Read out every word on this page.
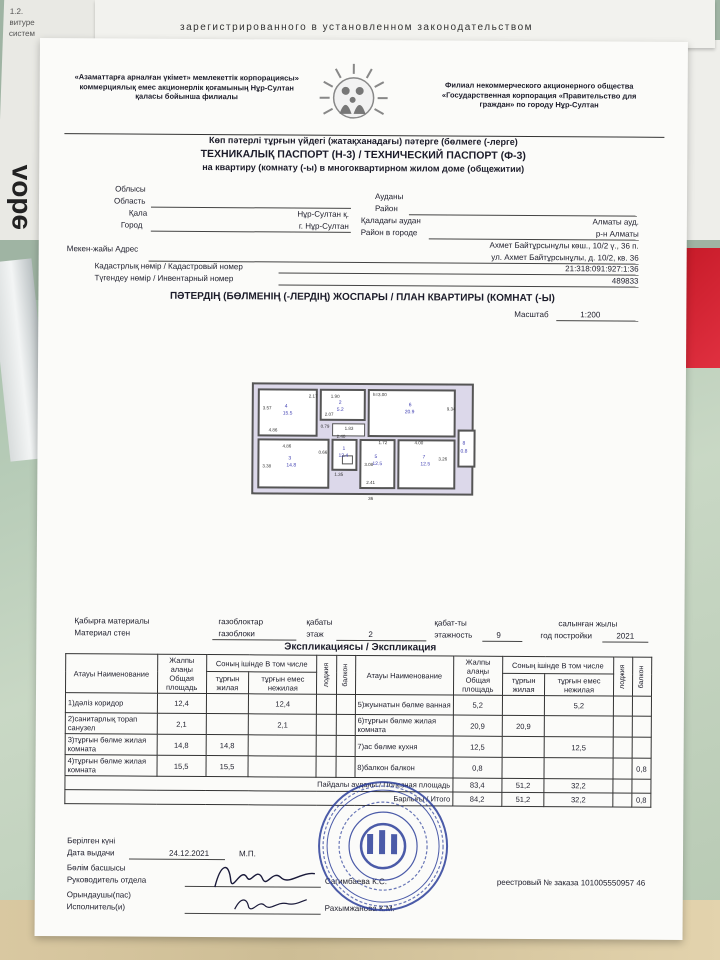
1.2.
витуре
систем
ɘdoʌ
зарегистрированного в установленном законодательством
«Азаматтарға арналған үкімет» мемлекеттік корпорациясы»
коммерциялық емес акционерлік қоғамының Нұр-Султан
қаласы бойынша филиалы
Филиал некоммерческого акционерного общества
«Государственная корпорация «Правительство для
граждан» по городу Нұр-Султан
Көп пәтерлі тұрғын үйдегі (жатақханадағы) пәтерге (бөлмеге (-лерге)
ТЕХНИКАЛЫҚ ПАСПОРТ (Н-3) / ТЕХНИЧЕСКИЙ ПАСПОРТ (Ф-3)
на квартиру (комнату (-ы) в многоквартирном жилом доме (общежитии)
Облысы
Область	Ауданы
Район
Қала	Нұр-Султан қ.
Город	г. Нұр-Султан
Қаладағы аудан	Алматы ауд.
Район в городе	р-н Алматы
Мекен-жайы Адрес	Ахмет Байтұрсынұлы көш., 10/2 ү., 36 п.
ул. Ахмет Байтұрсынұлы, д. 10/2, кв. 36
Кадастрлық нөмір / Кадастровый номер	21:318:091:927:1:36
Түгендеу нөмір / Инвентарный номер	489833
ПӘТЕРДІҢ (БӨЛМЕНІҢ (-ЛЕРДІҢ) ЖОСПАРЫ / ПЛАН КВАРТИРЫ (КОМНАТ (-Ы)
Масштаб	1:200
3.57
2.17	1.90	h=3.00
4.86
2.07
9.34
0.79	1.83
4.86
2.40
1.72	4.00
0.66
3.38
1.35
3.08
2.41
3.26
36
4
15.5
2
5.2
6
20.9
3
14.8
1
12.4	5
12.5
7
12.5
8
0.8
Қабырға материалы
Материал стен
газоблоктар
газоблоки
қабаты
этаж	2
қабат-ты
этажность	9
салынған жылы
год постройки	2021
Экспликациясы / Экспликация
Атауы Наименование	Жалпы алаңы Общая площадь	Соның ішінде В том числе		лоджия	балкон	Атауы Наименование	Жалпы алаңы Общая площадь	Соның ішінде В том числе		лоджия	балкон

		тұрғын жилая	тұрғын емес нежилая					тұрғын жилая	тұрғын емес нежилая		
1)дәліз коридор	12,4		12,4			5)жуынатын бөлме ванная	5,2		5,2		
2)санитарлық торап санузел	2,1		2,1			6)тұрғын бөлме жилая комната	20,9	20,9			
3)тұрғын бөлме жилая комната	14,8	14,8				7)ас бөлме кухня	12,5		12,5		
4)тұрғын бөлме жилая комната	15,5	15,5				8)балкон балкон	0,8				0,8
Пайдалы ауданы / Полезная площадь							83,4	51,2	32,2		
Барлығы / Итого							84,2	51,2	32,2		0,8
Берілген күні
Дата выдачи	24.12.2021	М.П.
Бөлім басшысы
Руководитель отдела	Сагимбаева К.С.	реестровый № заказа 101005550957 46
Орындаушы(пас)
Исполнитель(и)	Рахымжанова К.М.
